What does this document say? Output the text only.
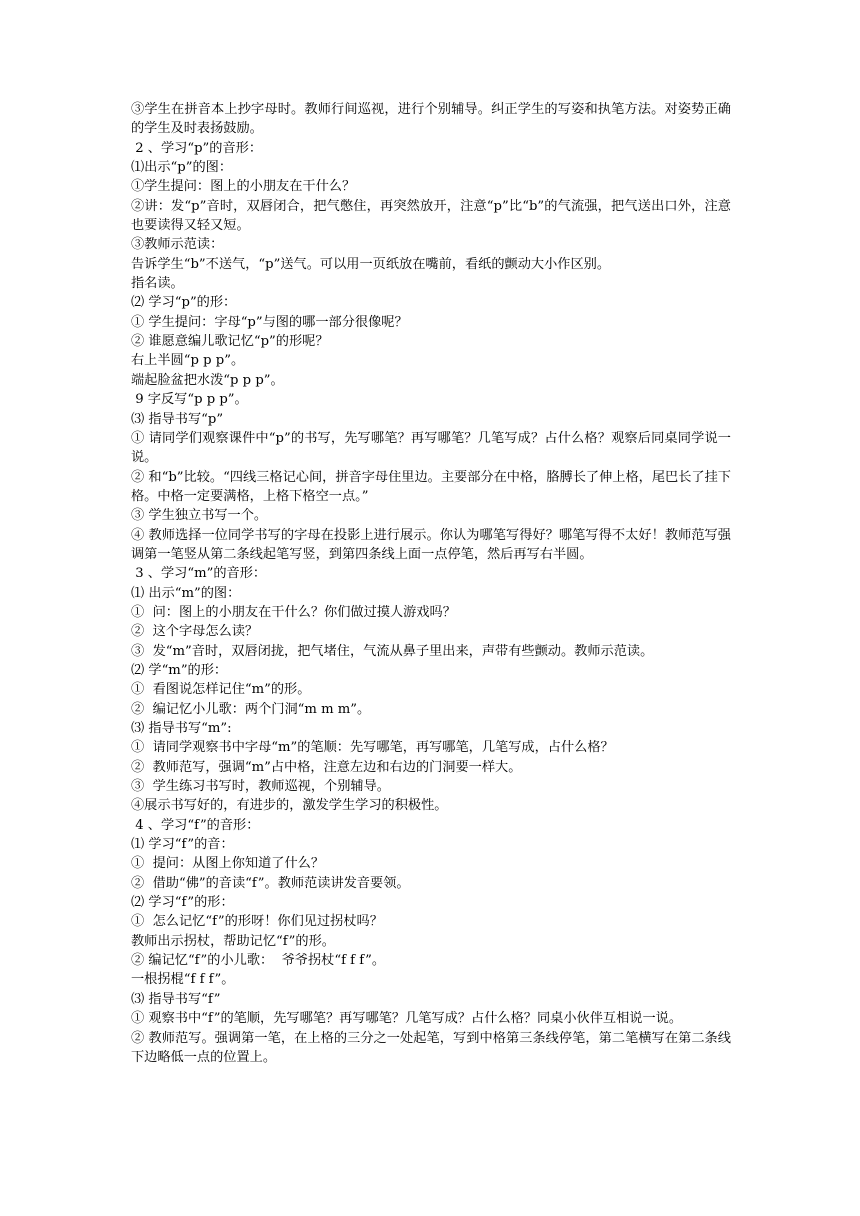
③学生在拼音本上抄字母时。教师行间巡视，进行个别辅导。纠正学生的写姿和执笔方法。对姿势正确的学生及时表扬鼓励。

2 、学习“p”的音形：

⑴出示“p”的图：

①学生提问：图上的小朋友在干什么？

②讲：发“p”音时，双唇闭合，把气憋住，再突然放开，注意“p”比“b”的气流强，把气送出口外，注意也要读得又轻又短。

③教师示范读：

告诉学生“b”不送气，“p”送气。可以用一页纸放在嘴前，看纸的颤动大小作区别。

指名读。

⑵ 学习“p”的形：

① 学生提问：字母“p”与图的哪一部分很像呢？

② 谁愿意编儿歌记忆“p”的形呢？

右上半圆“p p p”。

端起脸盆把水泼“p p p”。

9 字反写“p p p”。

⑶ 指导书写“p”

① 请同学们观察课件中“p”的书写，先写哪笔？再写哪笔？几笔写成？占什么格？观察后同桌同学说一说。

② 和“b”比较。“四线三格记心间，拼音字母住里边。主要部分在中格，胳膊长了伸上格，尾巴长了挂下格。中格一定要满格，上格下格空一点。”

③ 学生独立书写一个。

④ 教师选择一位同学书写的字母在投影上进行展示。你认为哪笔写得好？哪笔写得不太好！教师范写强调第一笔竖从第二条线起笔写竖，到第四条线上面一点停笔，然后再写右半圆。

3 、学习“m”的音形：

⑴ 出示“m”的图：

①  问：图上的小朋友在干什么？你们做过摸人游戏吗？

②  这个字母怎么读？

③  发“m”音时，双唇闭拢，把气堵住，气流从鼻子里出来，声带有些颤动。教师示范读。

⑵ 学“m”的形：

①  看图说怎样记住“m”的形。

②  编记忆小儿歌：两个门洞“m m m”。

⑶ 指导书写“m”:

①  请同学观察书中字母“m”的笔顺：先写哪笔，再写哪笔，几笔写成，占什么格？

②  教师范写，强调“m”占中格，注意左边和右边的门洞要一样大。

③  学生练习书写时，教师巡视，个别辅导。

④展示书写好的，有进步的，激发学生学习的积极性。

4 、学习“f”的音形：

⑴ 学习“f”的音：

①  提问：从图上你知道了什么？

②  借助“佛”的音读“f”。教师范读讲发音要领。

⑵ 学习“f”的形：

①  怎么记忆“f”的形呀！你们见过拐杖吗？

教师出示拐杖，帮助记忆“f”的形。

② 编记忆“f”的小儿歌：  爷爷拐杖“f f f”。

一根拐棍“f f f”。

⑶ 指导书写“f”

① 观察书中“f”的笔顺，先写哪笔？再写哪笔？几笔写成？占什么格？同桌小伙伴互相说一说。

② 教师范写。强调第一笔，在上格的三分之一处起笔，写到中格第三条线停笔，第二笔横写在第二条线下边略低一点的位置上。
